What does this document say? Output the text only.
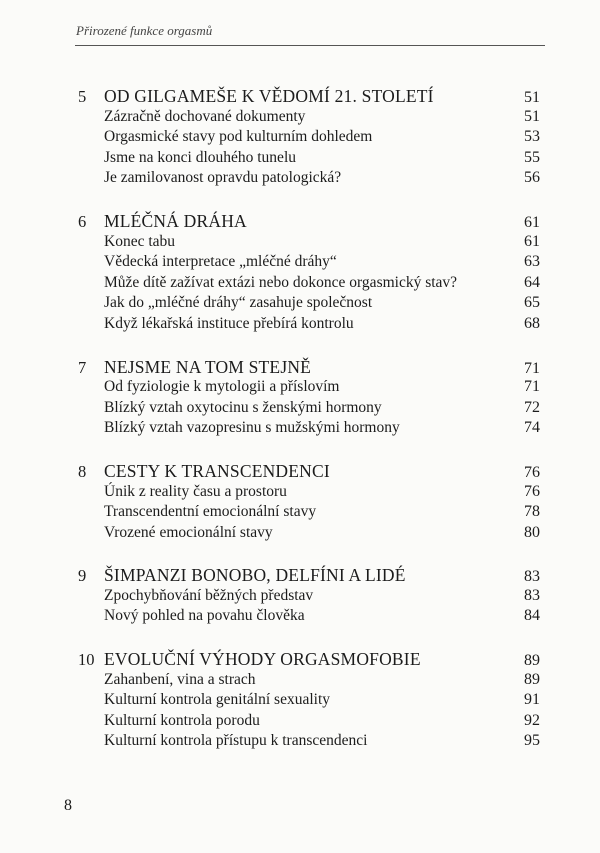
Přirozené funkce orgasmů
5	OD GILGAMEŠE K VĚDOMÍ 21. STOLETÍ	51
Zázračně dochované dokumenty	51
Orgasmické stavy pod kulturním dohledem	53
Jsme na konci dlouhého tunelu	55
Je zamilovanost opravdu patologická?	56
6	MLÉČNÁ DRÁHA	61
Konec tabu	61
Vědecká interpretace „mléčné dráhy“	63
Může dítě zažívat extázi nebo dokonce orgasmický stav?	64
Jak do „mléčné dráhy“ zasahuje společnost	65
Když lékařská instituce přebírá kontrolu	68
7	NEJSME NA TOM STEJNĚ	71
Od fyziologie k mytologii a příslovím	71
Blízký vztah oxytocinu s ženskými hormony	72
Blízký vztah vazopresinu s mužskými hormony	74
8	CESTY K TRANSCENDENCI	76
Únik z reality času a prostoru	76
Transcendentní emocionální stavy	78
Vrozené emocionální stavy	80
9	ŠIMPANZI BONOBO, DELFÍNI A LIDÉ	83
Zpochybňování běžných představ	83
Nový pohled na povahu člověka	84
10 EVOLUČNÍ VÝHODY ORGASMOFOBIE	89
Zahanbení, vina a strach	89
Kulturní kontrola genitální sexuality	91
Kulturní kontrola porodu	92
Kulturní kontrola přístupu k transcendenci	95
8
